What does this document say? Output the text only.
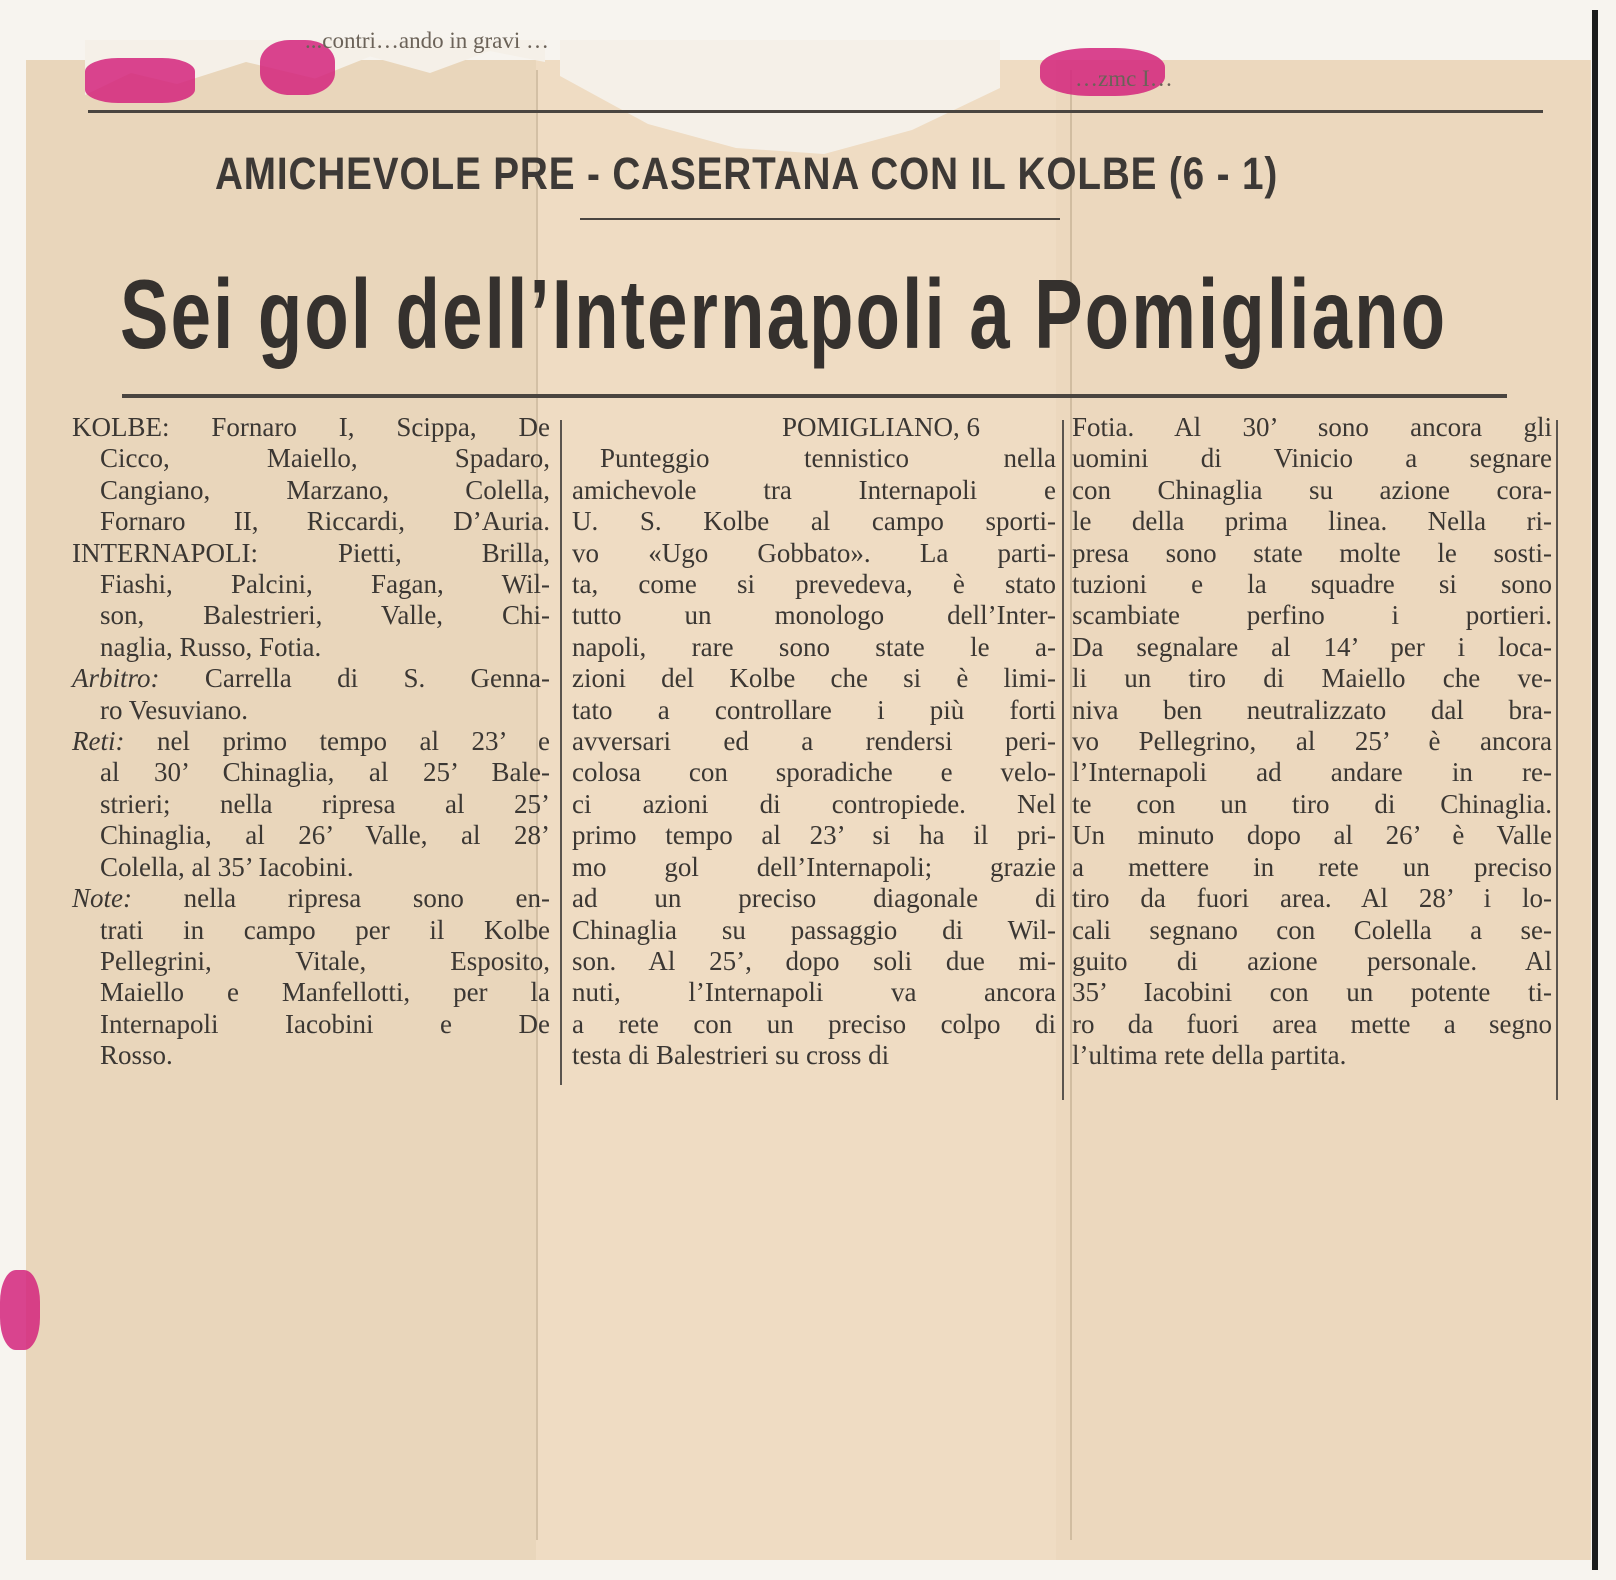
...contri…ando in gravi …
…zmc I…
AMICHEVOLE PRE - CASERTANA CON IL KOLBE (6 - 1)
Sei gol dell’Internapoli a Pomigliano
KOLBE: Fornaro I, Scippa, De
Cicco, Maiello, Spadaro,
Cangiano, Marzano, Colella,
Fornaro II, Riccardi, D’Auria.
INTERNAPOLI: Pietti, Brilla,
Fiashi, Palcini, Fagan, Wil-
son, Balestrieri, Valle, Chi-
naglia, Russo, Fotia.
Arbitro: Carrella di S. Genna-
ro Vesuviano.
Reti: nel primo tempo al 23’ e
al 30’ Chinaglia, al 25’ Bale-
strieri; nella ripresa al 25’
Chinaglia, al 26’ Valle, al 28’
Colella, al 35’ Iacobini.
Note: nella ripresa sono en-
trati in campo per il Kolbe
Pellegrini, Vitale, Esposito,
Maiello e Manfellotti, per la
Internapoli Iacobini e De
Rosso.
POMIGLIANO, 6
Punteggio tennistico nella
amichevole tra Internapoli e
U. S. Kolbe al campo sporti-
vo «Ugo Gobbato». La parti-
ta, come si prevedeva, è stato
tutto un monologo dell’Inter-
napoli, rare sono state le a-
zioni del Kolbe che si è limi-
tato a controllare i più forti
avversari ed a rendersi peri-
colosa con sporadiche e velo-
ci azioni di contropiede. Nel
primo tempo al 23’ si ha il pri-
mo gol dell’Internapoli; grazie
ad un preciso diagonale di
Chinaglia su passaggio di Wil-
son. Al 25’, dopo soli due mi-
nuti, l’Internapoli va ancora
a rete con un preciso colpo di
testa di Balestrieri su cross di
Fotia. Al 30’ sono ancora gli
uomini di Vinicio a segnare
con Chinaglia su azione cora-
le della prima linea. Nella ri-
presa sono state molte le sosti-
tuzioni e la squadre si sono
scambiate perfino i portieri.
Da segnalare al 14’ per i loca-
li un tiro di Maiello che ve-
niva ben neutralizzato dal bra-
vo Pellegrino, al 25’ è ancora
l’Internapoli ad andare in re-
te con un tiro di Chinaglia.
Un minuto dopo al 26’ è Valle
a mettere in rete un preciso
tiro da fuori area. Al 28’ i lo-
cali segnano con Colella a se-
guito di azione personale. Al
35’ Iacobini con un potente ti-
ro da fuori area mette a segno
l’ultima rete della partita.
